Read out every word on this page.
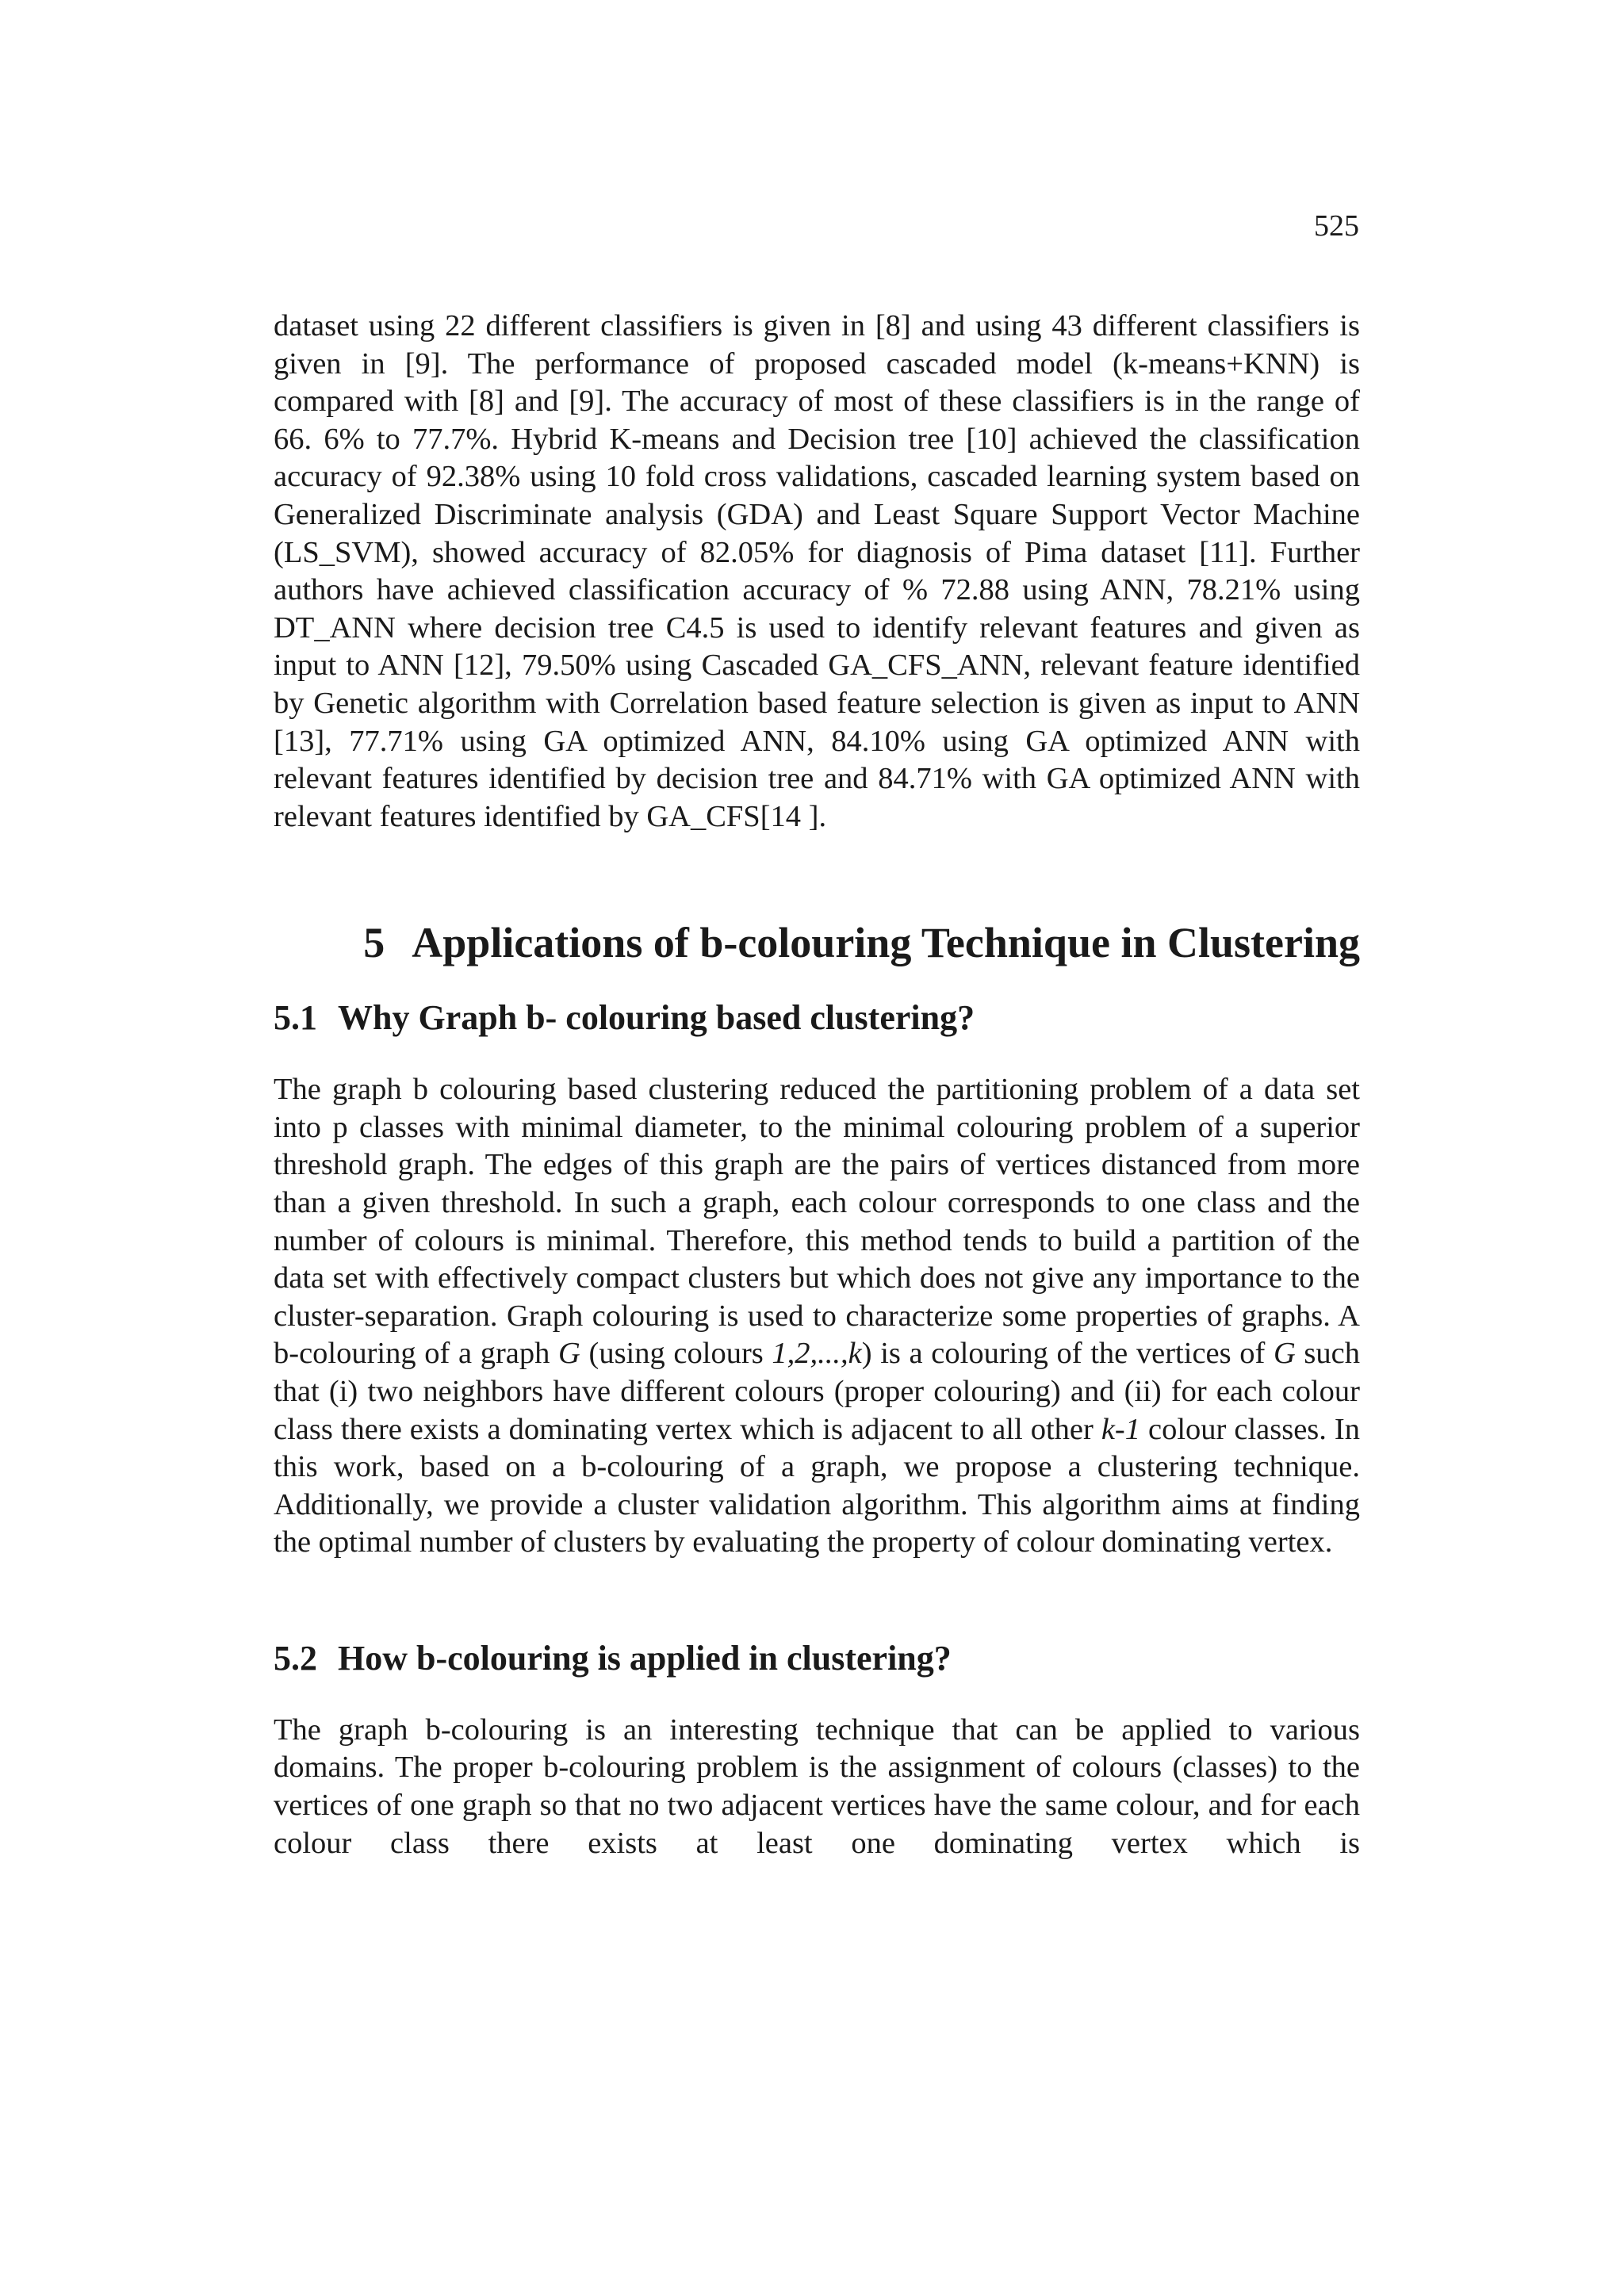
525

dataset using 22 different classifiers is given in [8] and using 43 different classifiers is given in [9]. The performance of proposed cascaded model (k-means+KNN) is compared with [8] and [9]. The accuracy of most of these classifiers is in the range of 66. 6% to 77.7%. Hybrid K-means and Decision tree [10] achieved the classification accuracy of 92.38% using 10 fold cross validations, cascaded learning system based on Generalized Discriminate analysis (GDA) and Least Square Support Vector Machine (LS_SVM), showed accuracy of 82.05% for diagnosis of Pima dataset [11]. Further authors have achieved classification accuracy of % 72.88 using ANN, 78.21% using DT_ANN where decision tree C4.5 is used to identify relevant features and given as input to ANN [12], 79.50% using Cascaded GA_CFS_ANN, relevant feature identified by Genetic algorithm with Correlation based feature selection is given as input to ANN [13], 77.71% using GA optimized ANN, 84.10% using GA optimized ANN with relevant features identified by decision tree and 84.71% with GA optimized ANN with relevant features identified by GA_CFS[14 ].

5 Applications of b-colouring Technique in Clustering
5.1 Why Graph b- colouring based clustering?

The graph b colouring based clustering reduced the partitioning problem of a data set into p classes with minimal diameter, to the minimal colouring problem of a superior threshold graph. The edges of this graph are the pairs of vertices distanced from more than a given threshold. In such a graph, each colour corresponds to one class and the number of colours is minimal. Therefore, this method tends to build a partition of the data set with effectively compact clusters but which does not give any importance to the cluster-separation. Graph colouring is used to characterize some properties of graphs. A b-colouring of a graph G (using colours 1,2,...,k) is a colouring of the vertices of G such that (i) two neighbors have different colours (proper colouring) and (ii) for each colour class there exists a dominating vertex which is adjacent to all other k-1 colour classes. In this work, based on a b-colouring of a graph, we propose a clustering technique. Additionally, we provide a cluster validation algorithm. This algorithm aims at finding the optimal number of clusters by evaluating the property of colour dominating vertex.

5.2 How b-colouring is applied in clustering?

The graph b-colouring is an interesting technique that can be applied to various domains. The proper b-colouring problem is the assignment of colours (classes) to the vertices of one graph so that no two adjacent vertices have the same colour, and for each colour class there exists at least one dominating vertex which is
